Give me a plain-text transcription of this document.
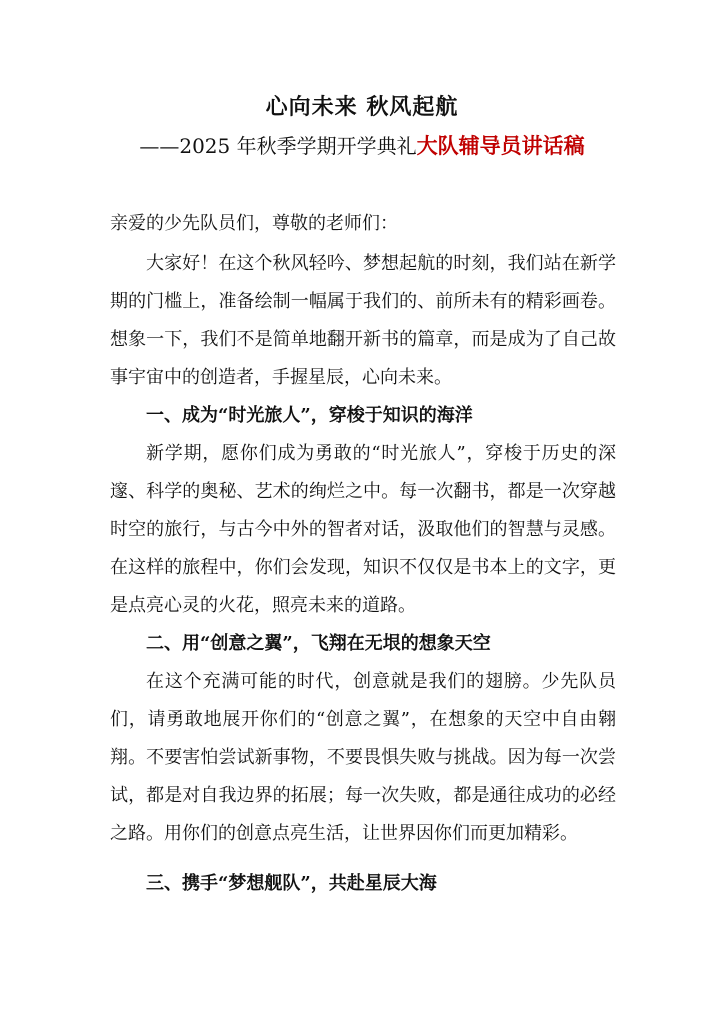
心向未来 秋风起航
——2025 年秋季学期开学典礼大队辅导员讲话稿

亲爱的少先队员们，尊敬的老师们：

大家好！在这个秋风轻吟、梦想起航的时刻，我们站在新学期的门槛上，准备绘制一幅属于我们的、前所未有的精彩画卷。想象一下，我们不是简单地翻开新书的篇章，而是成为了自己故事宇宙中的创造者，手握星辰，心向未来。

一、成为“时光旅人”，穿梭于知识的海洋

新学期，愿你们成为勇敢的“时光旅人”，穿梭于历史的深邃、科学的奥秘、艺术的绚烂之中。每一次翻书，都是一次穿越时空的旅行，与古今中外的智者对话，汲取他们的智慧与灵感。在这样的旅程中，你们会发现，知识不仅仅是书本上的文字，更是点亮心灵的火花，照亮未来的道路。

二、用“创意之翼”，飞翔在无垠的想象天空

在这个充满可能的时代，创意就是我们的翅膀。少先队员们，请勇敢地展开你们的“创意之翼”，在想象的天空中自由翱翔。不要害怕尝试新事物，不要畏惧失败与挑战。因为每一次尝试，都是对自我边界的拓展；每一次失败，都是通往成功的必经之路。用你们的创意点亮生活，让世界因你们而更加精彩。

三、携手“梦想舰队”，共赴星辰大海
